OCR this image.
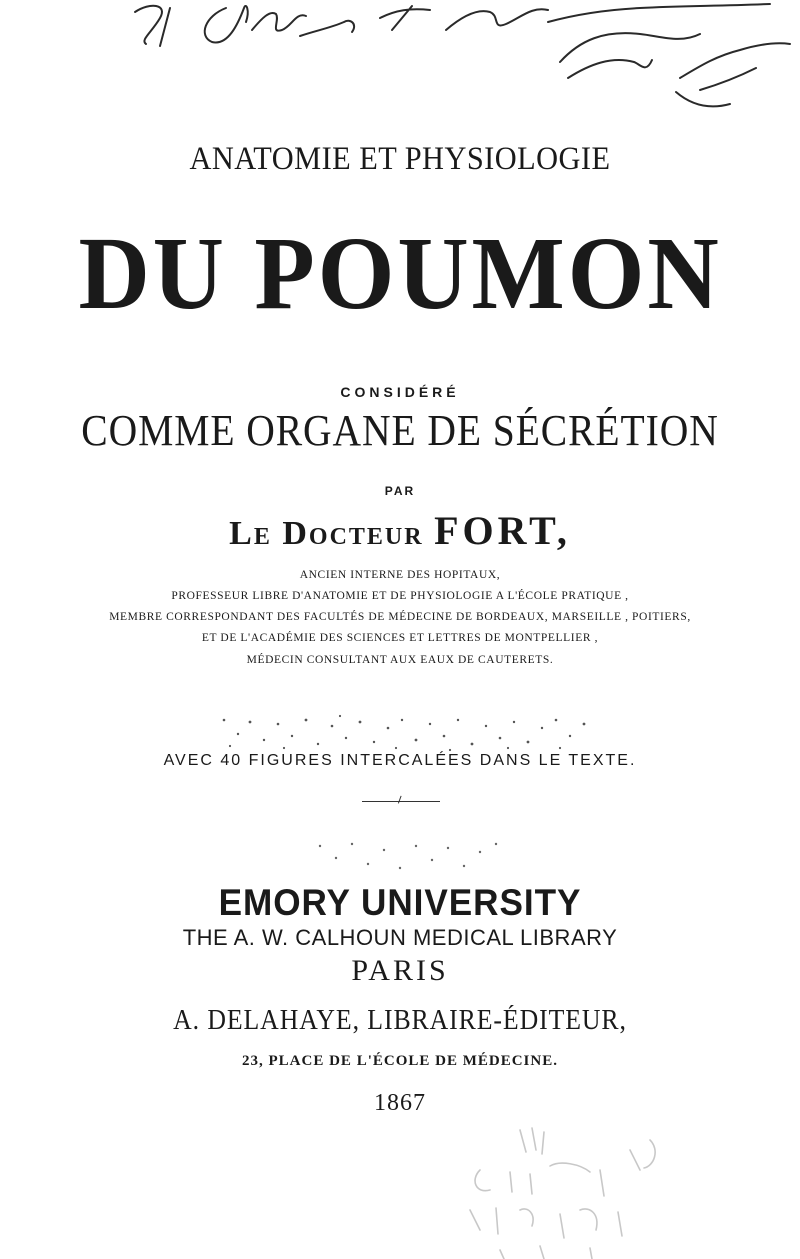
ANATOMIE ET PHYSIOLOGIE
DU POUMON
CONSIDÉRÉ
COMME ORGANE DE SÉCRÉTION
PAR
Le Docteur FORT,
ANCIEN INTERNE DES HOPITAUX,
PROFESSEUR LIBRE D'ANATOMIE ET DE PHYSIOLOGIE A L'ÉCOLE PRATIQUE ,
MEMBRE CORRESPONDANT DES FACULTÉS DE MÉDECINE DE BORDEAUX, MARSEILLE , POITIERS,
ET DE L'ACADÉMIE DES SCIENCES ET LETTRES DE MONTPELLIER ,
MÉDECIN CONSULTANT AUX EAUX DE CAUTERETS.
AVEC 40 FIGURES INTERCALÉES DANS LE TEXTE.
EMORY UNIVERSITY
THE A. W. CALHOUN MEDICAL LIBRARY
PARIS
A. DELAHAYE, LIBRAIRE-ÉDITEUR,
23, PLACE DE L'ÉCOLE DE MÉDECINE.
1867
